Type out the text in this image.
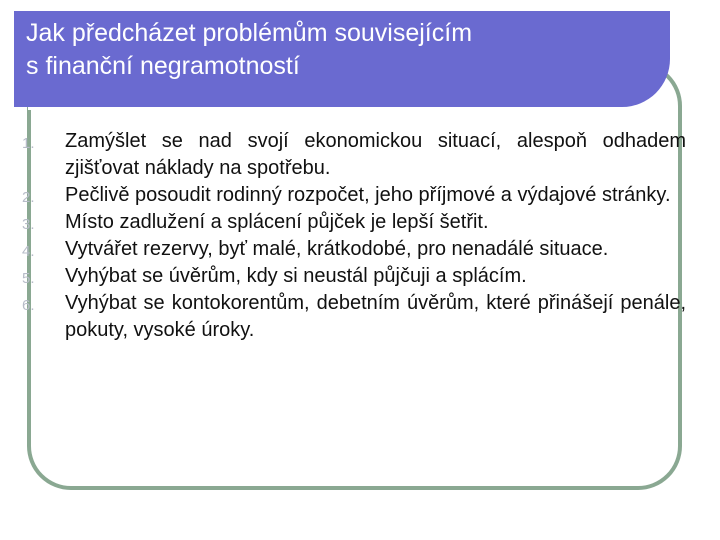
Jak předcházet problémům souvisejícím
s finanční negramotností
1. Zamýšlet se nad svojí ekonomickou situací, alespoň odhadem zjišťovat náklady na spotřebu.
2. Pečlivě posoudit rodinný rozpočet, jeho příjmové a výdajové stránky.
3. Místo zadlužení a splácení půjček je lepší šetřit.
4. Vytvářet rezervy, byť malé, krátkodobé, pro nenadálé situace.
5. Vyhýbat se úvěrům, kdy si neustál půjčuji a splácím.
6. Vyhýbat se kontokorentům, debetním úvěrům, které přinášejí penále, pokuty, vysoké úroky.
